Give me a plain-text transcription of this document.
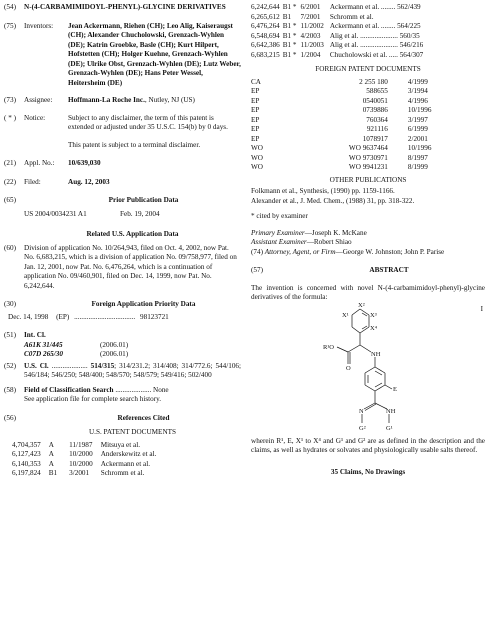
(54)	N-(4-CARBAMIMIDOYL-PHENYL)-GLYCINE DERIVATIVES
(75)	Inventors: Jean Ackermann, Riehen (CH); Leo Alig, Kaiseraugst (CH); Alexander Chucholowski, Grenzach-Wyhlen (DE); Katrin Groebke, Basle (CH); Kurt Hilpert, Hofstetten (CH); Holger Kuehne, Grenzach-Wyhlen (DE); Ulrike Obst, Grenzach-Wyhlen (DE); Lutz Weber, Grenzach-Wyhlen (DE); Hans Peter Wessel, Heitersheim (DE)
(73)	Assignee: Hoffmann-La Roche Inc., Nutley, NJ (US)
( * )	Notice:	Subject to any disclaimer, the term of this patent is extended or adjusted under 35 U.S.C. 154(b) by 0 days.
This patent is subject to a terminal disclaimer.
(21)	Appl. No.: 10/639,030
(22)	Filed:	Aug. 12, 2003
(65)	Prior Publication Data
US 2004/0034231 A1	Feb. 19, 2004
Related U.S. Application Data
(60)	Division of application No. 10/264,943, filed on Oct. 4, 2002, now Pat. No. 6,683,215, which is a division of application No. 09/758,977, filed on Jan. 12, 2001, now Pat. No. 6,476,264, which is a continuation of application No. 09/460,901, filed on Dec. 14, 1999, now Pat. No. 6,242,644.
(30)	Foreign Application Priority Data
Dec. 14, 1998 (EP) .................................. 98123721
(51)	Int. Cl.
A61K 31/445	(2006.01)
C07D 265/30	(2006.01)
(52)	U.S. Cl. .................... 514/315; 314/231.2; 314/408; 314/772.6; 544/106; 546/184; 546/250; 548/400; 548/570; 548/579; 549/416; 502/400
(58)	Field of Classification Search .................... None
See application file for complete search history.
(56)	References Cited
U.S. PATENT DOCUMENTS
4,704,357	A	11/1987	Mitsuya et al.
6,127,423	A	10/2000	Anderskewitz et al.
6,140,353	A	10/2000	Ackermann et al.
6,197,824	B1	3/2001	Schromm et al.
6,242,644	B1 *	6/2001	Ackermann et al. ........ 562/439
6,265,612	B1	7/2001	Schromm et al.
6,476,264	B1 *	11/2002	Ackermann et al. ........ 564/225
6,548,694	B1 *	4/2003	Alig et al. ..................... 560/35
6,642,386	B1 *	11/2003	Alig et al. ..................... 546/216
6,683,215	B1 *	1/2004	Chucholowski et al. ..... 564/307
FOREIGN PATENT DOCUMENTS
CA	2 255 180	4/1999
EP	588655	3/1994
EP	0540051	4/1996
EP	0739886	10/1996
EP	760364	3/1997
EP	921116	6/1999
EP	1078917	2/2001
WO	WO 9637464	10/1996
WO	WO 9730971	8/1997
WO	WO 9941231	8/1999
OTHER PUBLICATIONS
Folkmann et al., Synthesis, (1990) pp. 1159-1166.
Alexander et al., J. Med. Chem., (1988) 31, pp. 318-322.
* cited by examiner
Primary Examiner—Joseph K. McKane
Assistant Examiner—Robert Shiao
(74) Attorney, Agent, or Firm—George W. Johnston; John P. Parise
(57)	ABSTRACT
The invention is concerned with novel N-(4-carbamimidoyl-phenyl)-glycine derivatives of the formula:
I
X¹
X²
X³
X⁴
R¹O
O
NH
E
NH
N
G¹
G²
wherein R¹, E, X¹ to X⁴ and G¹ and G² are as defined in the description and the claims, as well as hydrates or solvates and physiologically usable salts thereof.
35 Claims, No Drawings
